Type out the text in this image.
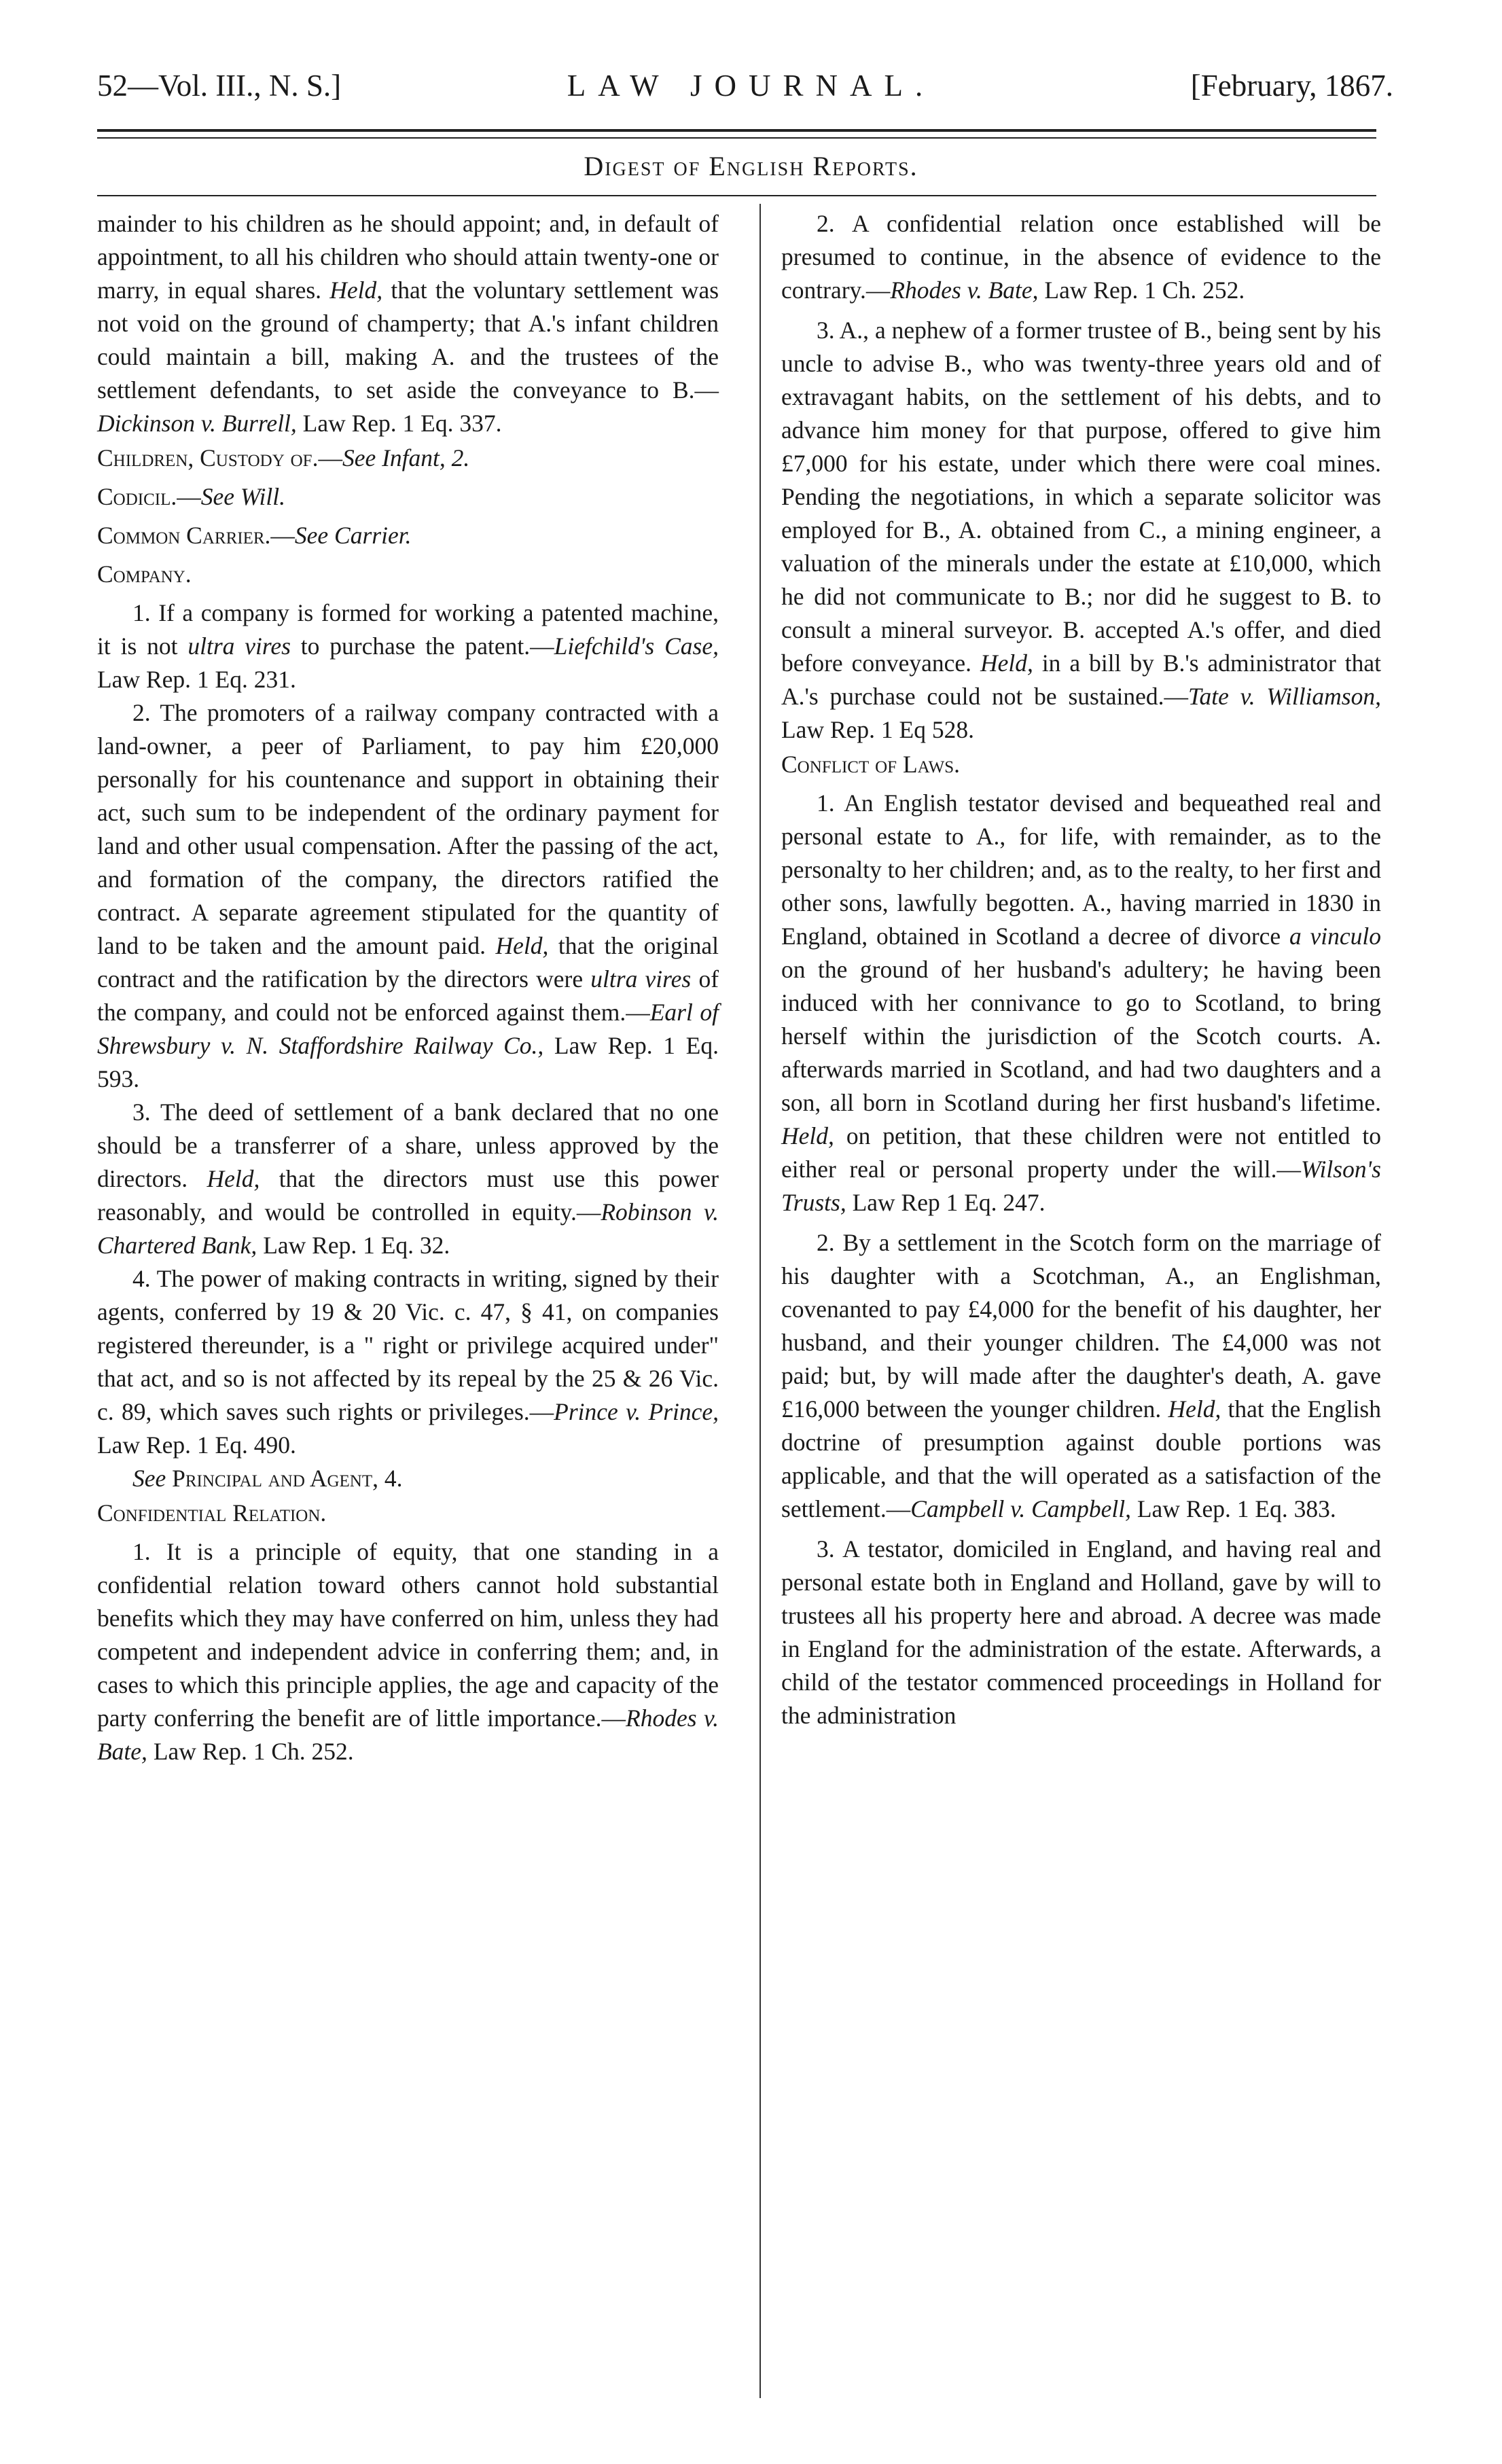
52—Vol. III., N. S.]	LAW JOURNAL.	[February, 1867.
Digest of English Reports.

mainder to his children as he should appoint; and, in default of appointment, to all his children who should attain twenty-one or marry, in equal shares. Held, that the voluntary settlement was not void on the ground of champerty; that A.'s infant children could maintain a bill, making A. and the trustees of the settlement defendants, to set aside the conveyance to B.—Dickinson v. Burrell, Law Rep. 1 Eq. 337.

Children, Custody of.—See Infant, 2.

Codicil.—See Will.

Common Carrier.—See Carrier.

Company.

1. If a company is formed for working a patented machine, it is not ultra vires to purchase the patent.—Liefchild's Case, Law Rep. 1 Eq. 231.

2. The promoters of a railway company contracted with a land-owner, a peer of Parliament, to pay him £20,000 personally for his countenance and support in obtaining their act, such sum to be independent of the ordinary payment for land and other usual compensation. After the passing of the act, and formation of the company, the directors ratified the contract. A separate agreement stipulated for the quantity of land to be taken and the amount paid. Held, that the original contract and the ratification by the directors were ultra vires of the company, and could not be enforced against them.—Earl of Shrewsbury v. N. Staffordshire Railway Co., Law Rep. 1 Eq. 593.

3. The deed of settlement of a bank declared that no one should be a transferrer of a share, unless approved by the directors. Held, that the directors must use this power reasonably, and would be controlled in equity.—Robinson v. Chartered Bank, Law Rep. 1 Eq. 32.

4. The power of making contracts in writing, signed by their agents, conferred by 19 & 20 Vic. c. 47, § 41, on companies registered thereunder, is a " right or privilege acquired under" that act, and so is not affected by its repeal by the 25 & 26 Vic. c. 89, which saves such rights or privileges.—Prince v. Prince, Law Rep. 1 Eq. 490.

See Principal and Agent, 4.

Confidential Relation.

1. It is a principle of equity, that one standing in a confidential relation toward others cannot hold substantial benefits which they may have conferred on him, unless they had competent and independent advice in conferring them; and, in cases to which this principle applies, the age and capacity of the party conferring the benefit are of little importance.—Rhodes v. Bate, Law Rep. 1 Ch. 252.

2. A confidential relation once established will be presumed to continue, in the absence of evidence to the contrary.—Rhodes v. Bate, Law Rep. 1 Ch. 252.

3. A., a nephew of a former trustee of B., being sent by his uncle to advise B., who was twenty-three years old and of extravagant habits, on the settlement of his debts, and to advance him money for that purpose, offered to give him £7,000 for his estate, under which there were coal mines. Pending the negotiations, in which a separate solicitor was employed for B., A. obtained from C., a mining engineer, a valuation of the minerals under the estate at £10,000, which he did not communicate to B.; nor did he suggest to B. to consult a mineral surveyor. B. accepted A.'s offer, and died before conveyance. Held, in a bill by B.'s administrator that A.'s purchase could not be sustained.—Tate v. Williamson, Law Rep. 1 Eq 528.

Conflict of Laws.

1. An English testator devised and bequeathed real and personal estate to A., for life, with remainder, as to the personalty to her children; and, as to the realty, to her first and other sons, lawfully begotten. A., having married in 1830 in England, obtained in Scotland a decree of divorce a vinculo on the ground of her husband's adultery; he having been induced with her connivance to go to Scotland, to bring herself within the jurisdiction of the Scotch courts. A. afterwards married in Scotland, and had two daughters and a son, all born in Scotland during her first husband's lifetime. Held, on petition, that these children were not entitled to either real or personal property under the will.—Wilson's Trusts, Law Rep 1 Eq. 247.

2. By a settlement in the Scotch form on the marriage of his daughter with a Scotchman, A., an Englishman, covenanted to pay £4,000 for the benefit of his daughter, her husband, and their younger children. The £4,000 was not paid; but, by will made after the daughter's death, A. gave £16,000 between the younger children. Held, that the English doctrine of presumption against double portions was applicable, and that the will operated as a satisfaction of the settlement.—Campbell v. Campbell, Law Rep. 1 Eq. 383.

3. A testator, domiciled in England, and having real and personal estate both in England and Holland, gave by will to trustees all his property here and abroad. A decree was made in England for the administration of the estate. Afterwards, a child of the testator commenced proceedings in Holland for the administration
